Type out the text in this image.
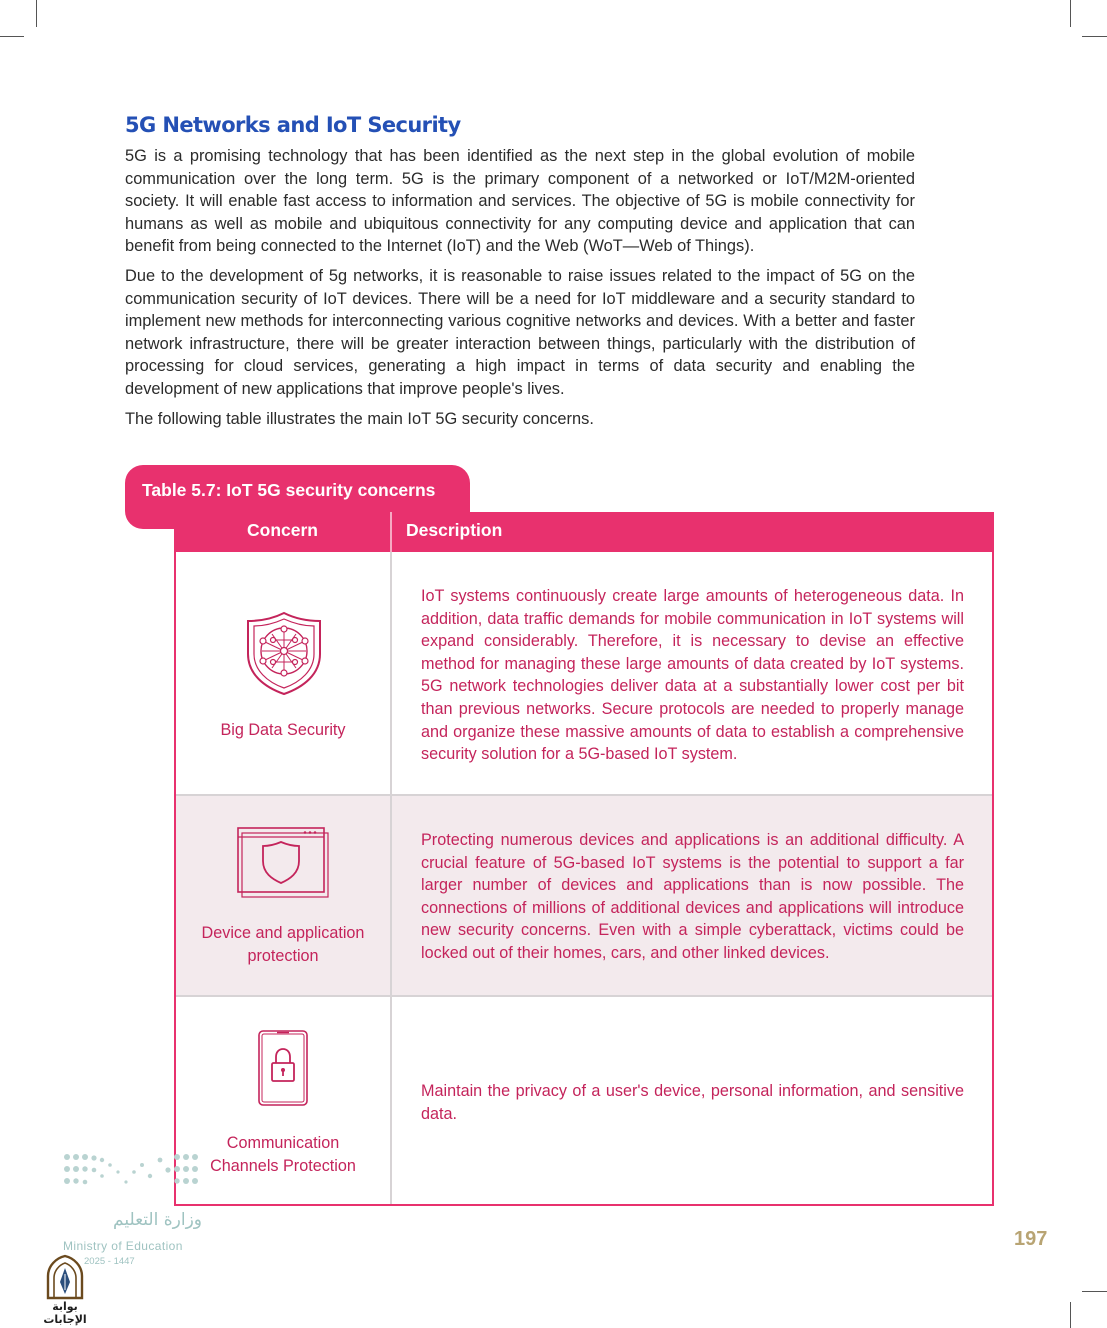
5G Networks and IoT Security

5G is a promising technology that has been identified as the next step in the global evolution of mobile communication over the long term. 5G is the primary component of a networked or IoT/M2M-oriented society. It will enable fast access to information and services. The objective of 5G is mobile connectivity for humans as well as mobile and ubiquitous connectivity for any computing device and application that can benefit from being connected to the Internet (IoT) and the Web (WoT—Web of Things).

Due to the development of 5g networks, it is reasonable to raise issues related to the impact of 5G on the communication security of IoT devices. There will be a need for IoT middleware and a security standard to implement new methods for interconnecting various cognitive networks and devices. With a better and faster network infrastructure, there will be greater interaction between things, particularly with the distribution of processing for cloud services, generating a high impact in terms of data security and enabling the development of new applications that improve people's lives.

The following table illustrates the main IoT 5G security concerns.

Table 5.7: IoT 5G security concerns
Concern	Description
Big Data Security

IoT systems continuously create large amounts of heterogeneous data. In addition, data traffic demands for mobile communication in IoT systems will expand considerably. Therefore, it is necessary to devise an effective method for managing these large amounts of data created by IoT systems. 5G network technologies deliver data at a substantially lower cost per bit than previous networks. Secure protocols are needed to properly manage and organize these massive amounts of data to establish a comprehensive security solution for a 5G-based IoT system.

Device and application protection

Protecting numerous devices and applications is an additional difficulty. A crucial feature of 5G-based IoT systems is the potential to support a far larger number of devices and applications than is now possible. The connections of millions of additional devices and applications will introduce new security concerns. Even with a simple cyberattack, victims could be locked out of their homes, cars, and other linked devices.

Communication Channels Protection

Maintain the privacy of a user's device, personal information, and sensitive data.

197
وزارة التعليم
Ministry of Education
2025 - 1447
بوابة الإجابات
